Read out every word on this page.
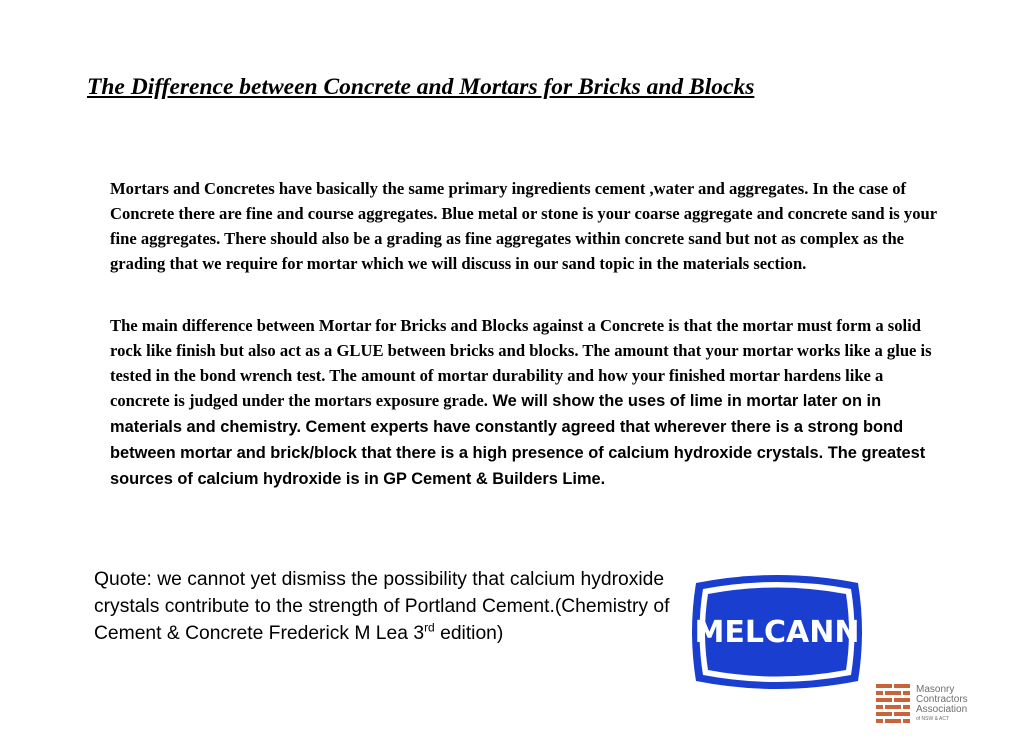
The Difference between Concrete and Mortars for Bricks and Blocks
Mortars and Concretes have basically the same primary ingredients cement ,water and aggregates. In the case of Concrete there are fine and course aggregates. Blue metal or stone is your coarse aggregate and concrete sand is your fine aggregates. There should also be a grading as fine aggregates within concrete sand but not as complex as the grading that we require for mortar which we will discuss in our sand topic in the materials section.
The main difference between Mortar for Bricks and Blocks against a Concrete is that the mortar must form a solid rock like finish but also act as a GLUE between bricks and blocks. The amount that your mortar works like a glue is tested in the bond wrench test. The amount of mortar durability and how your finished mortar hardens like a concrete is judged under the mortars exposure grade. We will show the uses of lime in mortar later on in materials and chemistry. Cement experts have constantly agreed that wherever there is a strong bond between mortar and brick/block that there is a high presence of calcium hydroxide crystals. The greatest sources of calcium hydroxide is in GP Cement & Builders Lime.
Quote: we cannot yet dismiss the possibility that calcium hydroxide crystals contribute to the strength of Portland Cement.(Chemistry of Cement & Concrete Frederick M Lea 3rd edition)	MELCANN
Masonry
Contractors
Association
of NSW & ACT
